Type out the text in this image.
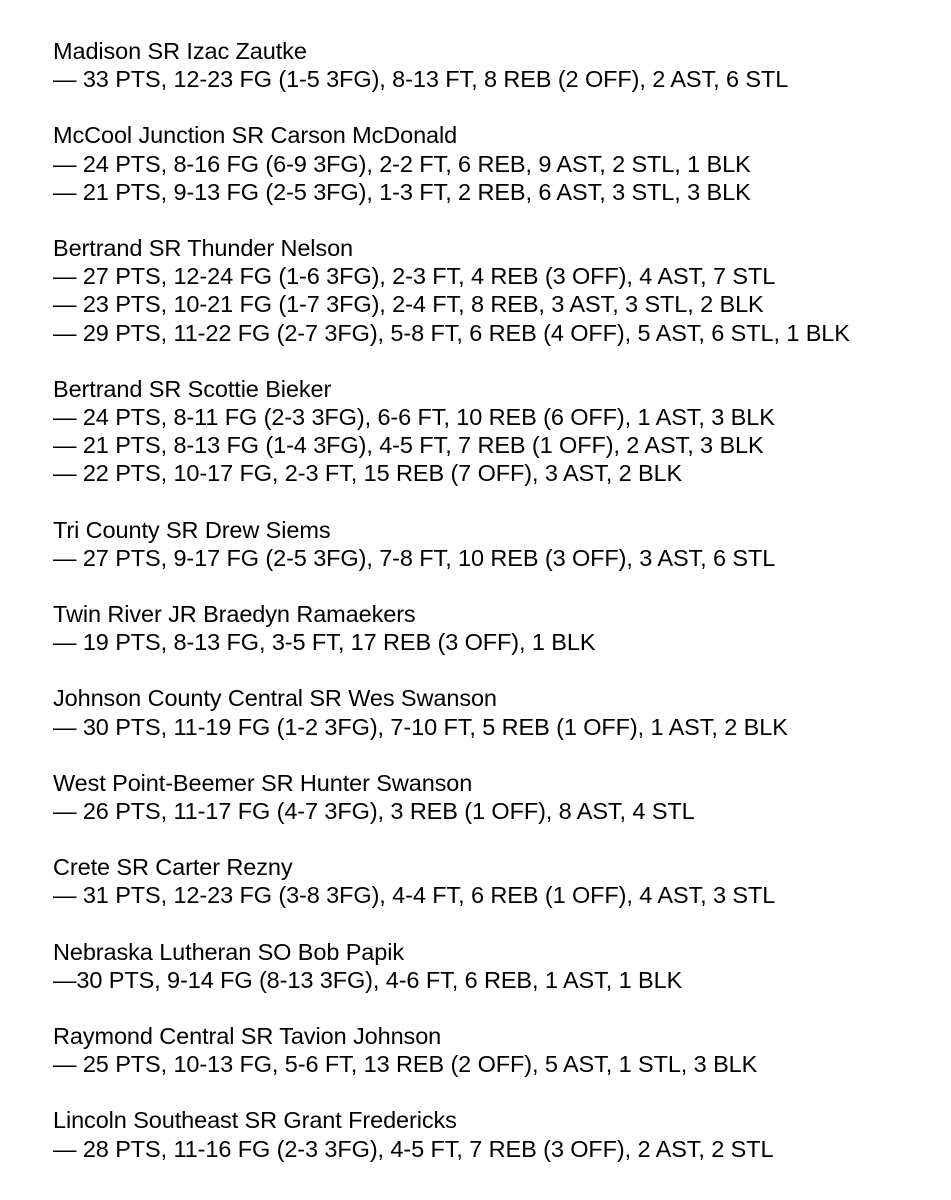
Madison SR Izac Zautke
— 33 PTS, 12-23 FG (1-5 3FG), 8-13 FT, 8 REB (2 OFF), 2 AST, 6 STL
McCool Junction SR Carson McDonald
— 24 PTS, 8-16 FG (6-9 3FG), 2-2 FT, 6 REB, 9 AST, 2 STL, 1 BLK
— 21 PTS, 9-13 FG (2-5 3FG), 1-3 FT, 2 REB, 6 AST, 3 STL, 3 BLK
Bertrand SR Thunder Nelson
— 27 PTS, 12-24 FG (1-6 3FG), 2-3 FT, 4 REB (3 OFF), 4 AST, 7 STL
— 23 PTS, 10-21 FG (1-7 3FG), 2-4 FT, 8 REB, 3 AST, 3 STL, 2 BLK
— 29 PTS, 11-22 FG (2-7 3FG), 5-8 FT, 6 REB (4 OFF), 5 AST, 6 STL, 1 BLK
Bertrand SR Scottie Bieker
— 24 PTS, 8-11 FG (2-3 3FG), 6-6 FT, 10 REB (6 OFF), 1 AST, 3 BLK
— 21 PTS, 8-13 FG (1-4 3FG), 4-5 FT, 7 REB (1 OFF), 2 AST, 3 BLK
— 22 PTS, 10-17 FG, 2-3 FT, 15 REB (7 OFF), 3 AST, 2 BLK
Tri County SR Drew Siems
— 27 PTS, 9-17 FG (2-5 3FG), 7-8 FT, 10 REB (3 OFF), 3 AST, 6 STL
Twin River JR Braedyn Ramaekers
— 19 PTS, 8-13 FG, 3-5 FT, 17 REB (3 OFF), 1 BLK
Johnson County Central SR Wes Swanson
— 30 PTS, 11-19 FG (1-2 3FG), 7-10 FT, 5 REB (1 OFF), 1 AST, 2 BLK
West Point-Beemer SR Hunter Swanson
— 26 PTS, 11-17 FG (4-7 3FG), 3 REB (1 OFF), 8 AST, 4 STL
Crete SR Carter Rezny
— 31 PTS, 12-23 FG (3-8 3FG), 4-4 FT, 6 REB (1 OFF), 4 AST, 3 STL
Nebraska Lutheran SO Bob Papik
—30 PTS, 9-14 FG (8-13 3FG), 4-6 FT, 6 REB, 1 AST, 1 BLK
Raymond Central SR Tavion Johnson
— 25 PTS, 10-13 FG, 5-6 FT, 13 REB (2 OFF), 5 AST, 1 STL, 3 BLK
Lincoln Southeast SR Grant Fredericks
— 28 PTS, 11-16 FG (2-3 3FG), 4-5 FT, 7 REB (3 OFF), 2 AST, 2 STL
